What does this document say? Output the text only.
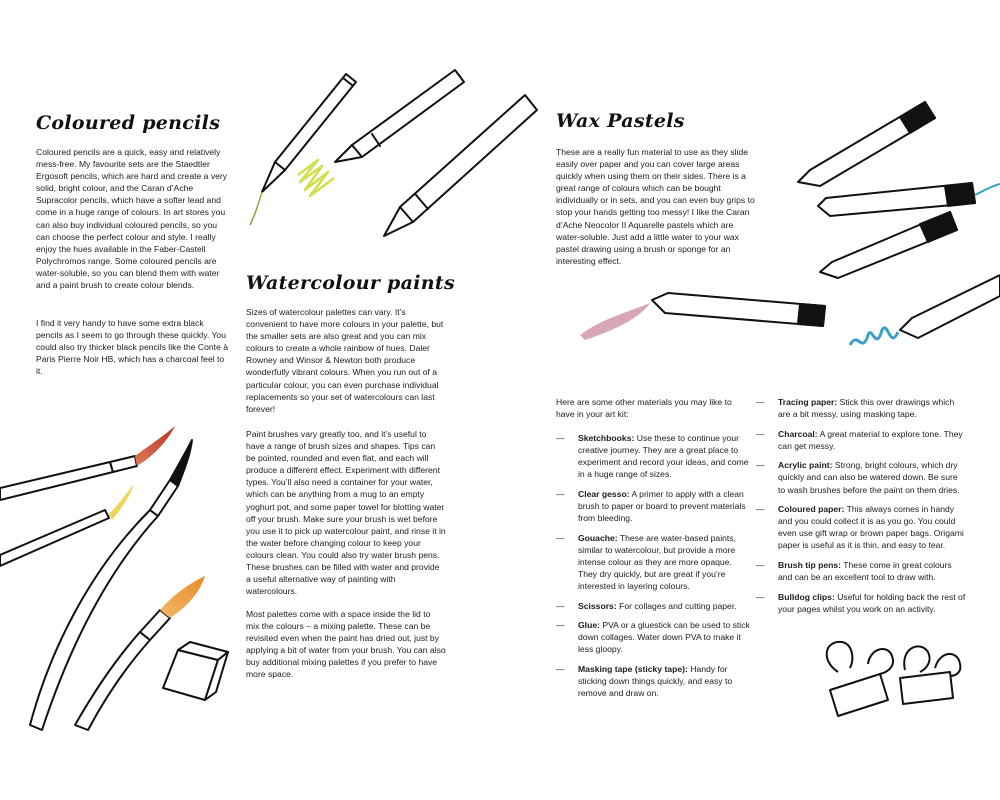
Coloured pencils

Coloured pencils are a quick, easy and relatively mess-free. My favourite sets are the Staedtler Ergosoft pencils, which are hard and create a very solid, bright colour, and the Caran d’Ache Supracolor pencils, which have a softer lead and come in a huge range of colours. In art stores you can also buy individual coloured pencils, so you can choose the perfect colour and style. I really enjoy the hues available in the Faber-Castell Polychromos range. Some coloured pencils are water-soluble, so you can blend them with water and a paint brush to create colour blends.

I find it very handy to have some extra black pencils as I seem to go through these quickly. You could also try thicker black pencils like the Conte à Paris Pierre Noir HB, which has a charcoal feel to it.

Watercolour paints

Sizes of watercolour palettes can vary. It’s convenient to have more colours in your palette, but the smaller sets are also great and you can mix colours to create a whole rainbow of hues. Daler Rowney and Winsor & Newton both produce wonderfully vibrant colours. When you run out of a particular colour, you can even purchase individual replacements so your set of watercolours can last forever!

Paint brushes vary greatly too, and it’s useful to have a range of brush sizes and shapes. Tips can be pointed, rounded and even flat, and each will produce a different effect. Experiment with different types. You’ll also need a container for your water, which can be anything from a mug to an empty yoghurt pot, and some paper towel for blotting water off your brush. Make sure your brush is wet before you use it to pick up watercolour paint, and rinse it in the water before changing colour to keep your colours clean. You could also try water brush pens. These brushes can be filled with water and provide a useful alternative way of painting with watercolours.

Most palettes come with a space inside the lid to mix the colours – a mixing palette. These can be revisited even when the paint has dried out, just by applying a bit of water from your brush. You can also buy additional mixing palettes if you prefer to have more space.

Wax Pastels

These are a really fun material to use as they slide easily over paper and you can cover large areas quickly when using them on their sides. There is a great range of colours which can be bought individually or in sets, and you can even buy grips to stop your hands getting too messy! I like the Caran d’Ache Neocolor II Aquarelle pastels which are water-soluble. Just add a little water to your wax pastel drawing using a brush or sponge for an interesting effect.

Here are some other materials you may like to have in your art kit:

— Sketchbooks: Use these to continue your creative journey. They are a great place to experiment and record your ideas, and come in a huge range of sizes.
— Clear gesso: A primer to apply with a clean brush to paper or board to prevent materials from bleeding.
— Gouache: These are water-based paints, similar to watercolour, but provide a more intense colour as they are more opaque. They dry quickly, but are great if you’re interested in layering colours.
— Scissors: For collages and cutting paper.
— Glue: PVA or a gluestick can be used to stick down collages. Water down PVA to make it less gloopy.
— Masking tape (sticky tape): Handy for sticking down things quickly, and easy to remove and draw on.
— Tracing paper: Stick this over drawings which are a bit messy, using masking tape.
— Charcoal: A great material to explore tone. They can get messy.
— Acrylic paint: Strong, bright colours, which dry quickly and can also be watered down. Be sure to wash brushes before the paint on them dries.
— Coloured paper: This always comes in handy and you could collect it is as you go. You could even use gift wrap or brown paper bags. Origami paper is useful as it is thin, and easy to tear.
— Brush tip pens: These come in great colours and can be an excellent tool to draw with.
— Bulldog clips: Useful for holding back the rest of your pages whilst you work on an activity.
